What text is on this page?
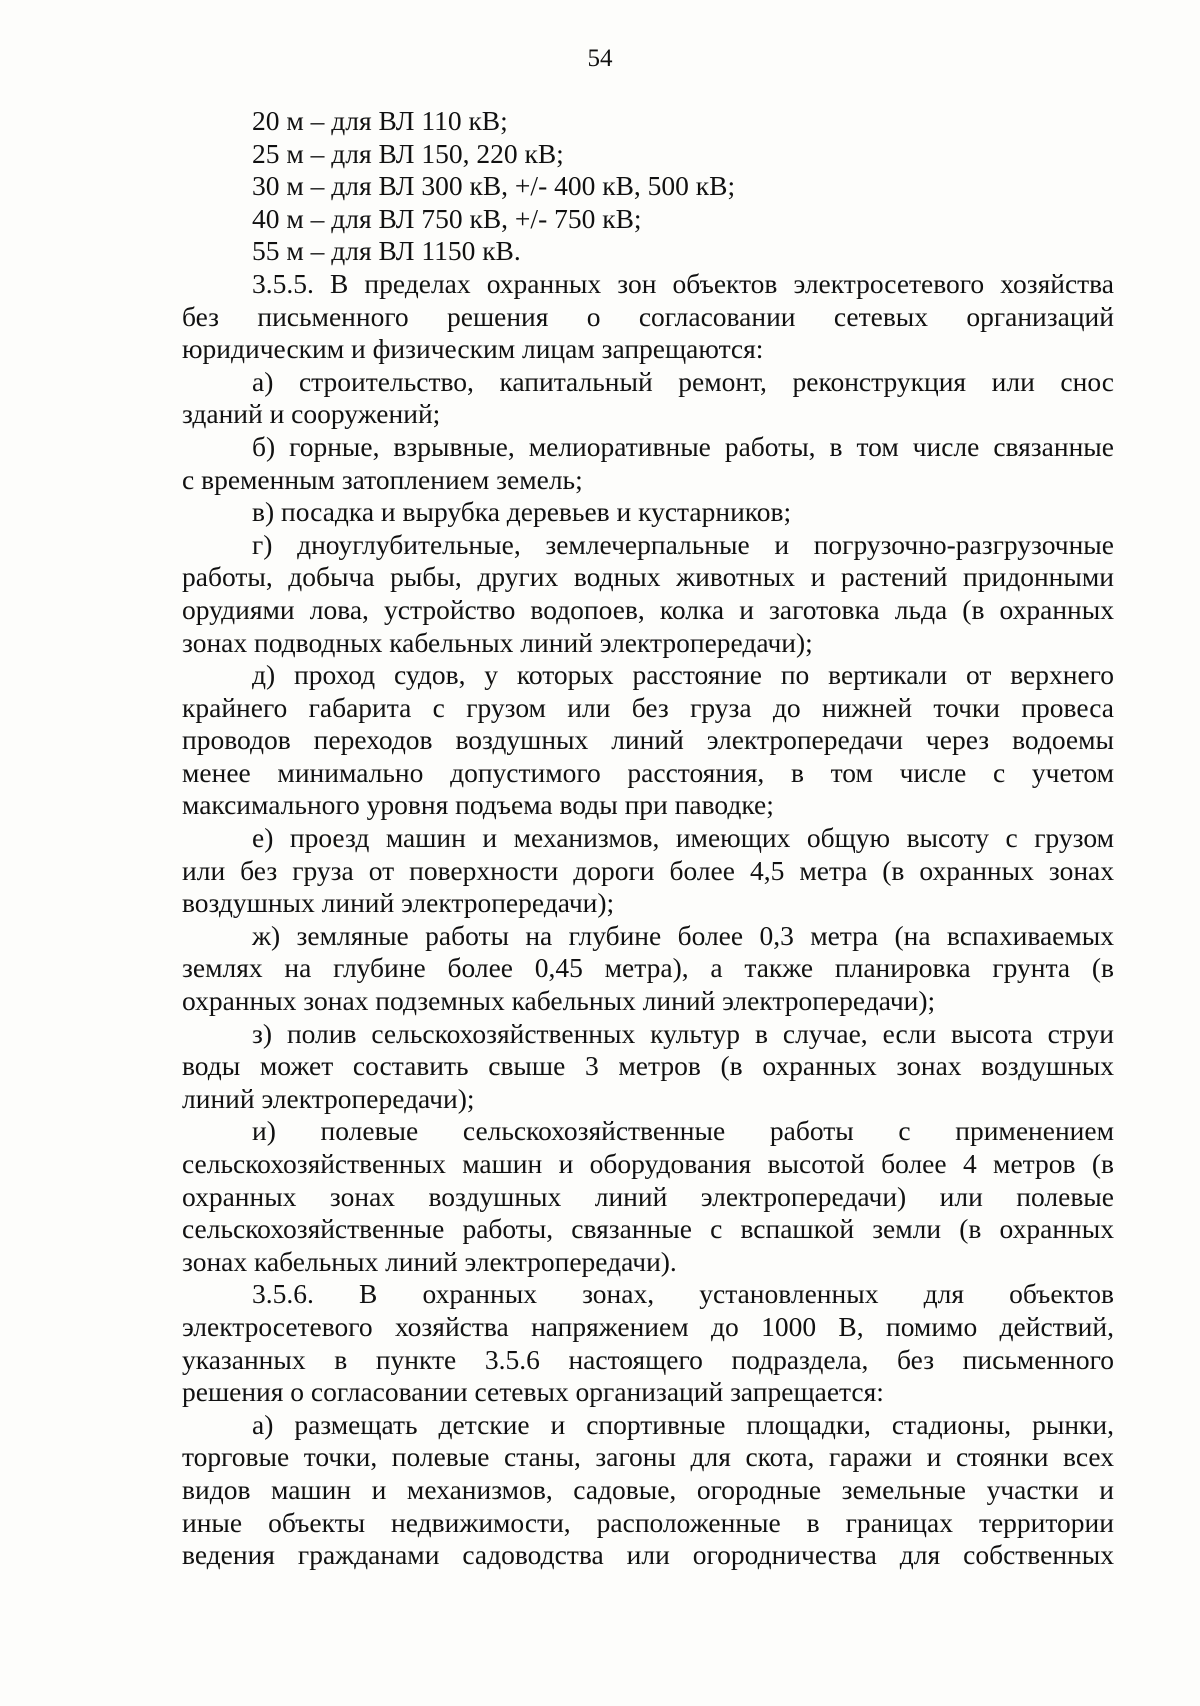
54
20 м – для ВЛ 110 кВ;
25 м – для ВЛ 150, 220 кВ;
30 м – для ВЛ 300 кВ, +/- 400 кВ, 500 кВ;
40 м – для ВЛ 750 кВ, +/- 750 кВ;
55 м – для ВЛ 1150 кВ.
3.5.5. В пределах охранных зон объектов электросетевого хозяйства
без письменного решения о согласовании сетевых организаций
юридическим и физическим лицам запрещаются:
а) строительство, капитальный ремонт, реконструкция или снос
зданий и сооружений;
б) горные, взрывные, мелиоративные работы, в том числе связанные
с временным затоплением земель;
в) посадка и вырубка деревьев и кустарников;
г) дноуглубительные, землечерпальные и погрузочно-разгрузочные
работы, добыча рыбы, других водных животных и растений придонными
орудиями лова, устройство водопоев, колка и заготовка льда (в охранных
зонах подводных кабельных линий электропередачи);
д) проход судов, у которых расстояние по вертикали от верхнего
крайнего габарита с грузом или без груза до нижней точки провеса
проводов переходов воздушных линий электропередачи через водоемы
менее минимально допустимого расстояния, в том числе с учетом
максимального уровня подъема воды при паводке;
е) проезд машин и механизмов, имеющих общую высоту с грузом
или без груза от поверхности дороги более 4,5 метра (в охранных зонах
воздушных линий электропередачи);
ж) земляные работы на глубине более 0,3 метра (на вспахиваемых
землях на глубине более 0,45 метра), а также планировка грунта (в
охранных зонах подземных кабельных линий электропередачи);
з) полив сельскохозяйственных культур в случае, если высота струи
воды может составить свыше 3 метров (в охранных зонах воздушных
линий электропередачи);
и) полевые сельскохозяйственные работы с применением
сельскохозяйственных машин и оборудования высотой более 4 метров (в
охранных зонах воздушных линий электропередачи) или полевые
сельскохозяйственные работы, связанные с вспашкой земли (в охранных
зонах кабельных линий электропередачи).
3.5.6. В охранных зонах, установленных для объектов
электросетевого хозяйства напряжением до 1000 В, помимо действий,
указанных в пункте 3.5.6 настоящего подраздела, без письменного
решения о согласовании сетевых организаций запрещается:
а) размещать детские и спортивные площадки, стадионы, рынки,
торговые точки, полевые станы, загоны для скота, гаражи и стоянки всех
видов машин и механизмов, садовые, огородные земельные участки и
иные объекты недвижимости, расположенные в границах территории
ведения гражданами садоводства или огородничества для собственных
